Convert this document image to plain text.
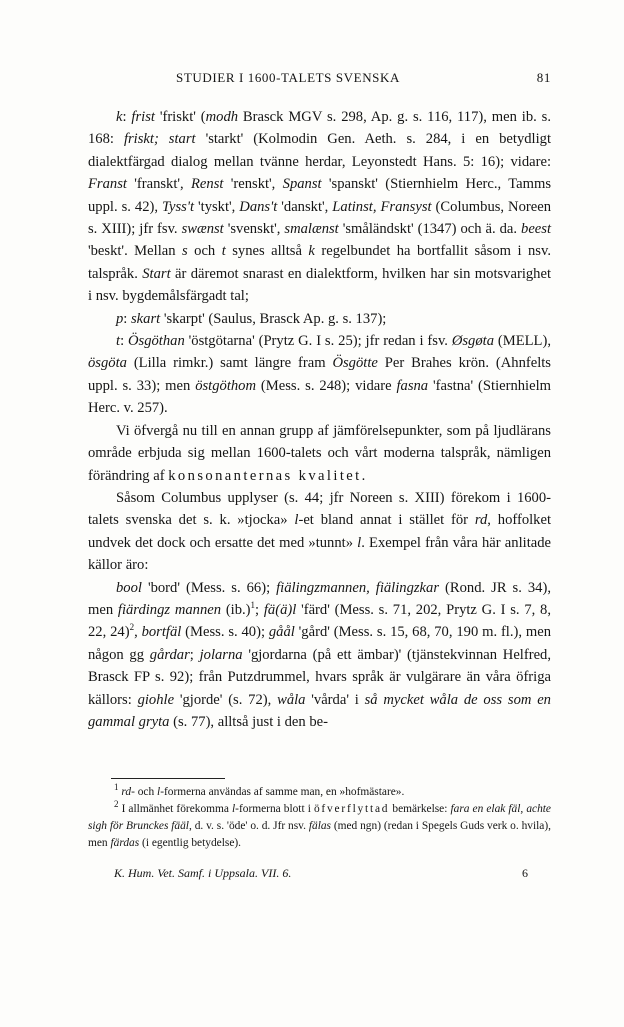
STUDIER I 1600-TALETS SVENSKA	81

k: frist 'friskt' (modh Brasck MGV s. 298, Ap. g. s. 116, 117), men ib. s. 168: friskt; start 'starkt' (Kolmodin Gen. Aeth. s. 284, i en betydligt dialektfärgad dialog mellan tvänne herdar, Leyonstedt Hans. 5: 16); vidare: Franst 'franskt', Renst 'renskt', Spanst 'spanskt' (Stiernhielm Herc., Tamms uppl. s. 42), Tyss't 'tyskt', Dans't 'danskt', Latinst, Fransyst (Columbus, Noreen s. XIII); jfr fsv. swænst 'svenskt', smalænst 'småländskt' (1347) och ä. da. beest 'beskt'. Mellan s och t synes alltså k regelbundet ha bortfallit såsom i nsv. talspråk. Start är däremot snarast en dialektform, hvilken har sin motsvarighet i nsv. bygdemålsfärgadt tal;

p: skart 'skarpt' (Saulus, Brasck Ap. g. s. 137);

t: Ösgöthan 'östgötarna' (Prytz G. I s. 25); jfr redan i fsv. Øsgøta (MELL), ösgöta (Lilla rimkr.) samt längre fram Ösgötte Per Brahes krön. (Ahnfelts uppl. s. 33); men östgöthom (Mess. s. 248); vidare fasna 'fastna' (Stiernhielm Herc. v. 257).

Vi öfvergå nu till en annan grupp af jämförelsepunkter, som på ljudlärans område erbjuda sig mellan 1600-talets och vårt moderna talspråk, nämligen förändring af konsonanternas kvalitet.

Såsom Columbus upplyser (s. 44; jfr Noreen s. XIII) förekom i 1600-talets svenska det s. k. »tjocka» l-et bland annat i stället för rd, hoffolket undvek det dock och ersatte det med »tunnt» l. Exempel från våra här anlitade källor äro:

bool 'bord' (Mess. s. 66); fiälingzmannen, fiälingzkar (Rond. JR s. 34), men fiärdingz mannen $(ib.)^1$; fä(ä)l 'färd' (Mess. s. 71, 202, Prytz G. I s. 7, 8, 22, 24)$^2$, bortfäl (Mess. s. 40); gåål 'gård' (Mess. s. 15, 68, 70, 190 m. fl.), men någon gg gårdar; jolarna 'gjordarna (på ett ämbar)' (tjänstekvinnan Helfred, Brasck FP s. 92); från Putzdrummel, hvars språk är vulgärare än våra öfriga källors: giohle 'gjorde' (s. 72), wåla 'vårda' i så mycket wåla de oss som en gammal gryta (s. 77), alltså just i den be-

$^1$ rd- och l-formerna användas af samme man, en »hofmästare».

$^2$ I allmänhet förekomma l-formerna blott i öfverflyttad bemärkelse: fara en elak fäl, achte sigh för Brunckes fääl, d. v. s. 'öde' o. d. Jfr nsv. fälas (med ngn) (redan i Spegels Guds verk o. hvila), men färdas (i egentlig betydelse).

K. Hum. Vet. Samf. i Uppsala. VII. 6.	6
